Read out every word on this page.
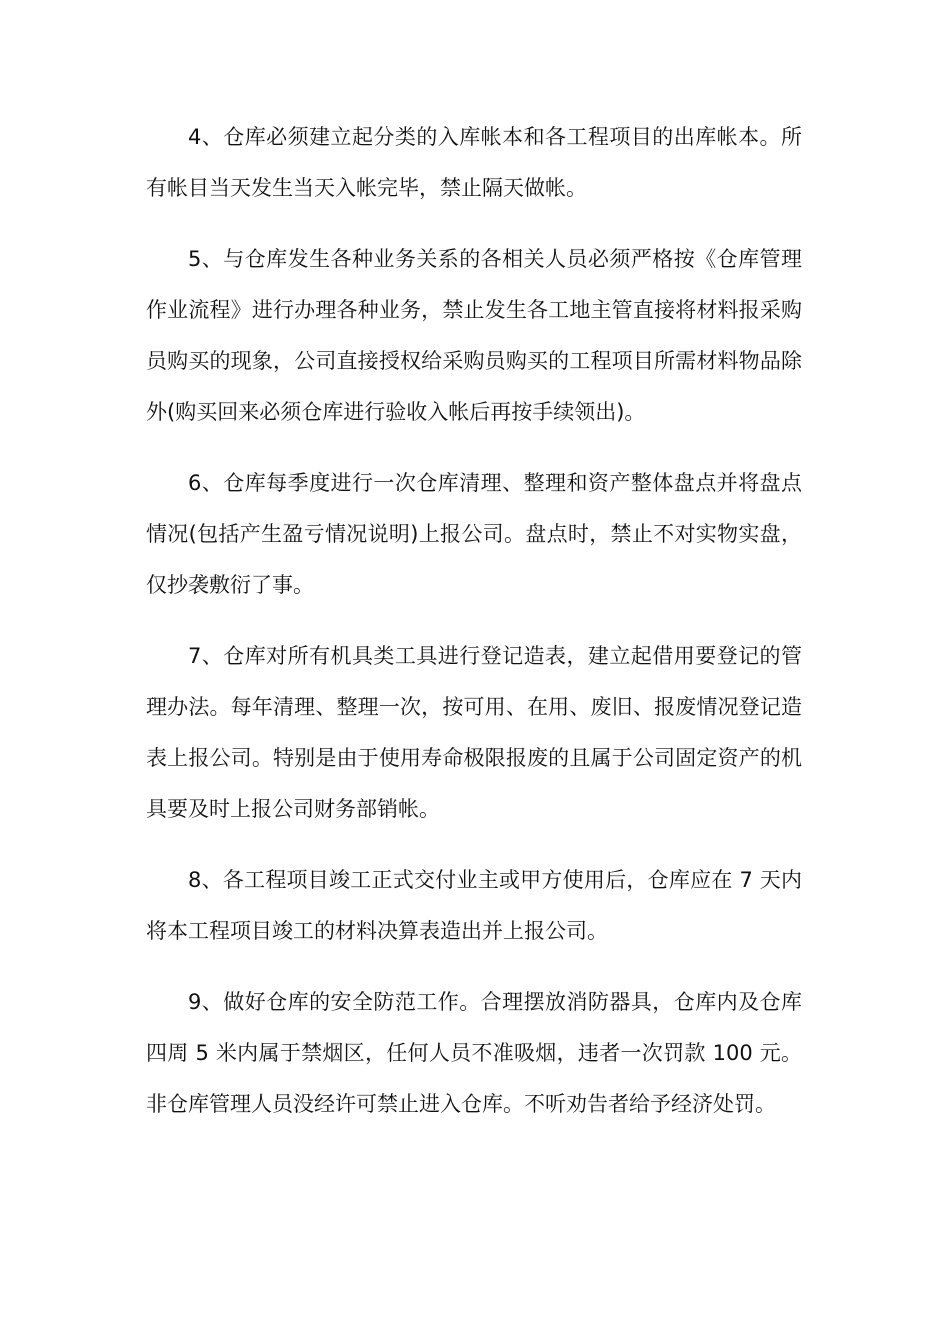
4、仓库必须建立起分类的入库帐本和各工程项目的出库帐本。所有帐目当天发生当天入帐完毕，禁止隔天做帐。

5、与仓库发生各种业务关系的各相关人员必须严格按《仓库管理作业流程》进行办理各种业务，禁止发生各工地主管直接将材料报采购员购买的现象，公司直接授权给采购员购买的工程项目所需材料物品除外(购买回来必须仓库进行验收入帐后再按手续领出)。

6、仓库每季度进行一次仓库清理、整理和资产整体盘点并将盘点情况(包括产生盈亏情况说明)上报公司。盘点时，禁止不对实物实盘，仅抄袭敷衍了事。

7、仓库对所有机具类工具进行登记造表，建立起借用要登记的管理办法。每年清理、整理一次，按可用、在用、废旧、报废情况登记造表上报公司。特别是由于使用寿命极限报废的且属于公司固定资产的机具要及时上报公司财务部销帐。

8、各工程项目竣工正式交付业主或甲方使用后，仓库应在 7 天内将本工程项目竣工的材料决算表造出并上报公司。

9、做好仓库的安全防范工作。合理摆放消防器具，仓库内及仓库四周 5 米内属于禁烟区，任何人员不准吸烟，违者一次罚款 100 元。非仓库管理人员没经许可禁止进入仓库。不听劝告者给予经济处罚。
